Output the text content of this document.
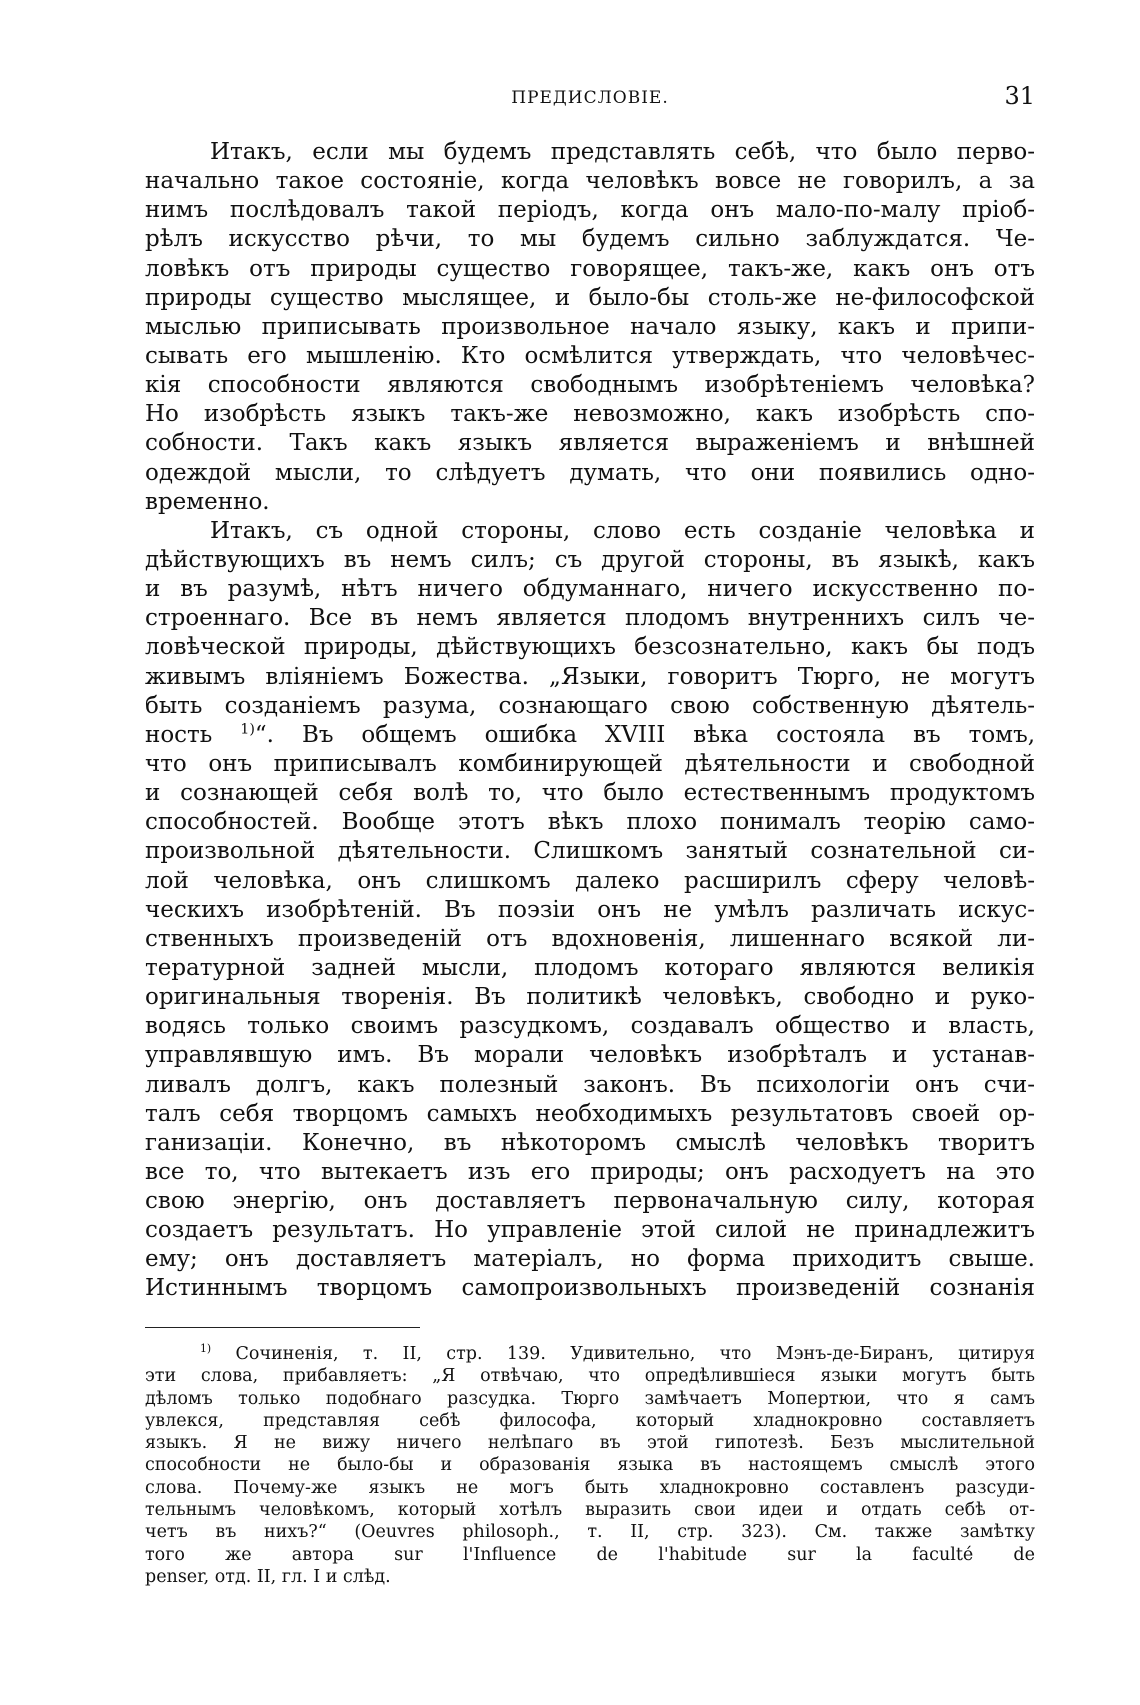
ПРЕДИСЛОВІЕ.	31
Итакъ, если мы будемъ представлять себѣ, что было перво-
начально такое состояніе, когда человѣкъ вовсе не говорилъ, а за
нимъ послѣдовалъ такой періодъ, когда онъ мало-по-малу пріоб-
рѣлъ искусство рѣчи, то мы будемъ сильно заблуждатся. Че-
ловѣкъ отъ природы существо говорящее, такъ-же, какъ онъ отъ
природы существо мыслящее, и было-бы столь-же не-философской
мыслью приписывать произвольное начало языку, какъ и припи-
сывать его мышленію. Кто осмѣлится утверждать, что человѣчес-
кія способности являются свободнымъ изобрѣтеніемъ человѣка?
Но изобрѣсть языкъ такъ-же невозможно, какъ изобрѣсть спо-
собности. Такъ какъ языкъ является выраженіемъ и внѣшней
одеждой мысли, то слѣдуетъ думать, что они появились одно-
временно.
Итакъ, съ одной стороны, слово есть созданіе человѣка и
дѣйствующихъ въ немъ силъ; съ другой стороны, въ языкѣ, какъ
и въ разумѣ, нѣтъ ничего обдуманнаго, ничего искусственно по-
строеннаго. Все въ немъ является плодомъ внутреннихъ силъ че-
ловѣческой природы, дѣйствующихъ безсознательно, какъ бы подъ
живымъ вліяніемъ Божества. „Языки, говоритъ Тюрго, не могутъ
быть созданіемъ разума, сознающаго свою собственную дѣятель-
ность $^{1)}$“. Въ общемъ ошибка XVIII вѣка состояла въ томъ,
что онъ приписывалъ комбинирующей дѣятельности и свободной
и сознающей себя волѣ то, что было естественнымъ продуктомъ
способностей. Вообще этотъ вѣкъ плохо понималъ теорію само-
произвольной дѣятельности. Слишкомъ занятый сознательной си-
лой человѣка, онъ слишкомъ далеко расширилъ сферу человѣ-
ческихъ изобрѣтеній. Въ поэзіи онъ не умѣлъ различать искус-
ственныхъ произведеній отъ вдохновенія, лишеннаго всякой ли-
тературной задней мысли, плодомъ котораго являются великія
оригинальныя творенія. Въ политикѣ человѣкъ, свободно и руко-
водясь только своимъ разсудкомъ, создавалъ общество и власть,
управлявшую имъ. Въ морали человѣкъ изобрѣталъ и устанав-
ливалъ долгъ, какъ полезный законъ. Въ психологіи онъ счи-
талъ себя творцомъ самыхъ необходимыхъ результатовъ своей ор-
ганизаціи. Конечно, въ нѣкоторомъ смыслѣ человѣкъ творитъ
все то, что вытекаетъ изъ его природы; онъ расходуетъ на это
свою энергію, онъ доставляетъ первоначальную силу, которая
создаетъ результатъ. Но управленіе этой силой не принадлежитъ
ему; онъ доставляетъ матеріалъ, но форма приходитъ свыше.
Истиннымъ творцомъ самопроизвольныхъ произведеній сознанія
$^{1)}$ Сочиненія, т. II, стр. 139. Удивительно, что Мэнъ-де-Биранъ, цитируя
эти слова, прибавляетъ: „Я отвѣчаю, что опредѣлившіеся языки могутъ быть
дѣломъ только подобнаго разсудка. Тюрго замѣчаетъ Мопертюи, что я самъ
увлекся, представляя себѣ философа, который хладнокровно составляетъ
языкъ. Я не вижу ничего нелѣпаго въ этой гипотезѣ. Безъ мыслительной
способности не было-бы и образованія языка въ настоящемъ смыслѣ этого
слова. Почему-же языкъ не могъ быть хладнокровно составленъ разсуди-
тельнымъ человѣкомъ, который хотѣлъ выразить свои идеи и отдать себѣ от-
четъ въ нихъ?“ (Oeuvres philosoph., т. II, стр. 323). См. также замѣтку
того же автора sur l'Influence de l'habitude sur la faculté de
penser, отд. II, гл. I и слѣд.
